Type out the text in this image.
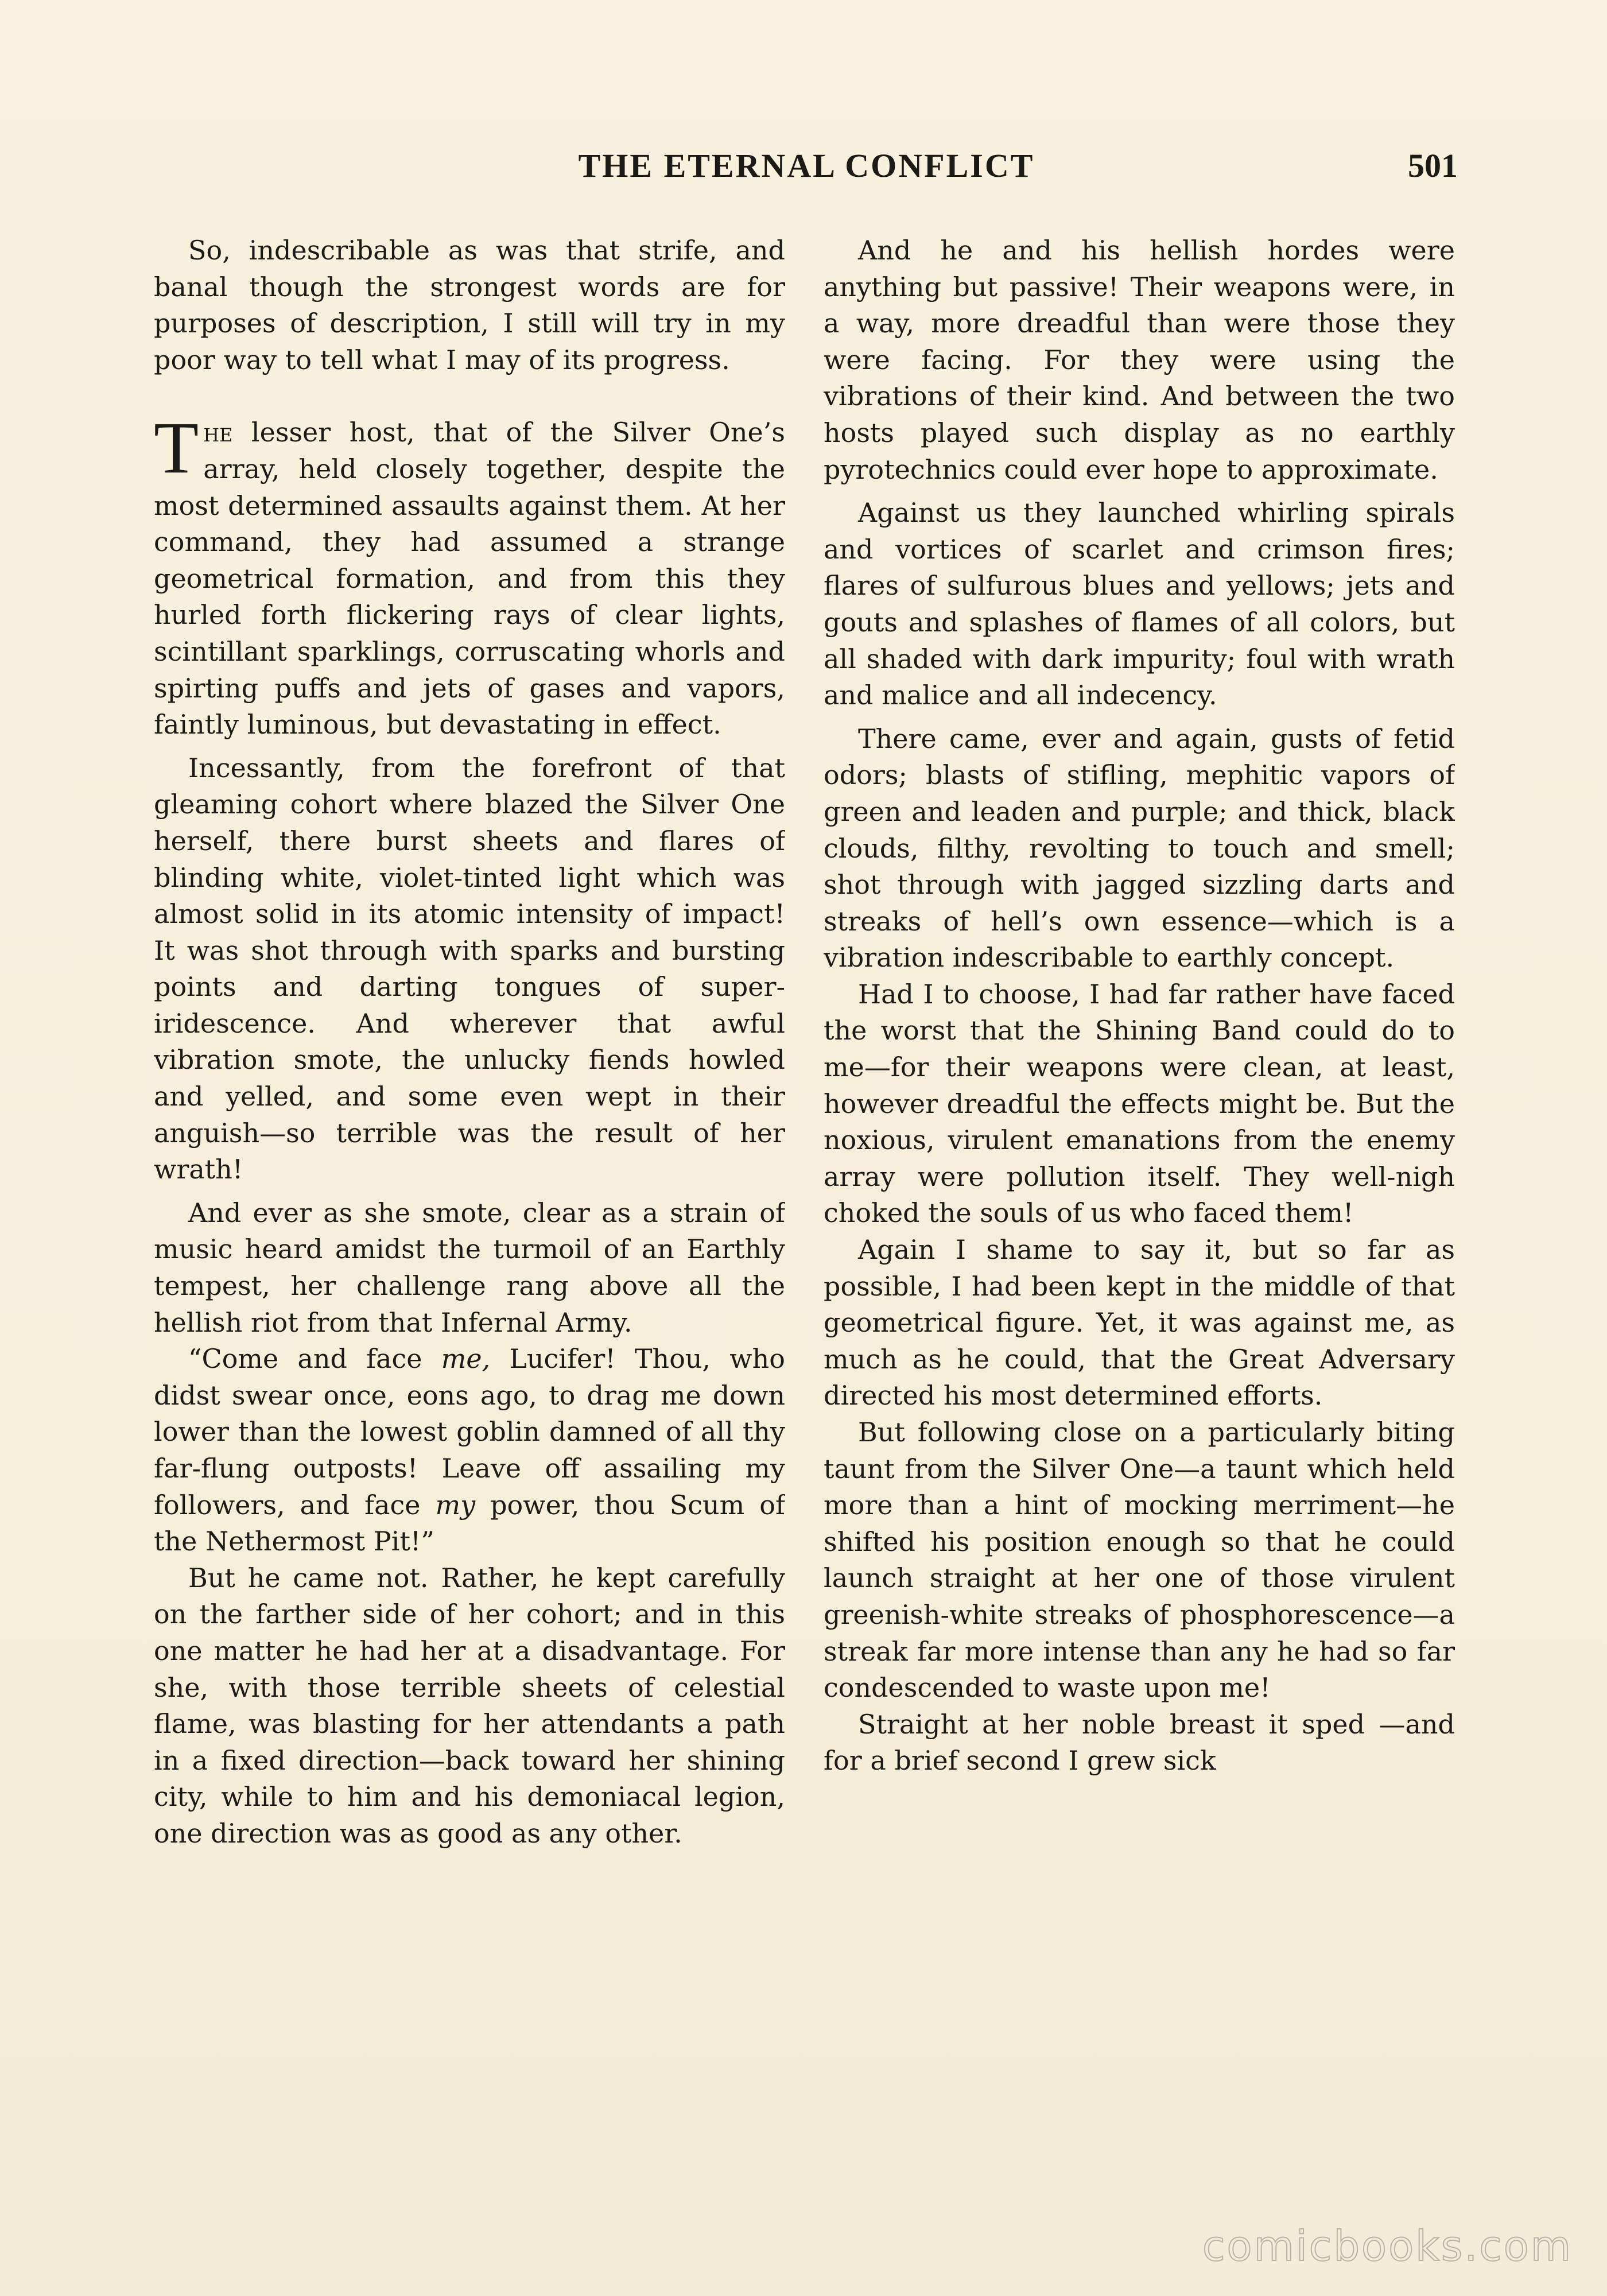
THE ETERNAL CONFLICT	501

So, indescribable as was that strife, and banal though the strongest words are for purposes of description, I still will try in my poor way to tell what I may of its progress.

The lesser host, that of the Silver One’s array, held closely together, despite the most determined assaults against them. At her command, they had assumed a strange geometrical formation, and from this they hurled forth flickering rays of clear lights, scintillant sparklings, corruscating whorls and spirting puffs and jets of gases and vapors, faintly luminous, but devastating in effect.

Incessantly, from the forefront of that gleaming cohort where blazed the Silver One herself, there burst sheets and flares of blinding white, violet-tinted light which was almost solid in its atomic intensity of impact! It was shot through with sparks and bursting points and darting tongues of super-iridescence. And wherever that awful vibration smote, the unlucky fiends howled and yelled, and some even wept in their anguish—so terrible was the result of her wrath!

And ever as she smote, clear as a strain of music heard amidst the turmoil of an Earthly tempest, her challenge rang above all the hellish riot from that Infernal Army.

“Come and face me, Lucifer! Thou, who didst swear once, eons ago, to drag me down lower than the lowest goblin damned of all thy far-flung outposts! Leave off assailing my followers, and face my power, thou Scum of the Nethermost Pit!”

But he came not. Rather, he kept carefully on the farther side of her cohort; and in this one matter he had her at a disadvantage. For she, with those terrible sheets of celestial flame, was blasting for her attendants a path in a fixed direction—back toward her shining city, while to him and his demoniacal legion, one direction was as good as any other.

And he and his hellish hordes were anything but passive! Their weapons were, in a way, more dreadful than were those they were facing. For they were using the vibrations of their kind. And between the two hosts played such display as no earthly pyrotechnics could ever hope to approximate.

Against us they launched whirling spirals and vortices of scarlet and crimson fires; flares of sulfurous blues and yellows; jets and gouts and splashes of flames of all colors, but all shaded with dark impurity; foul with wrath and malice and all indecency.

There came, ever and again, gusts of fetid odors; blasts of stifling, mephitic vapors of green and leaden and purple; and thick, black clouds, filthy, revolting to touch and smell; shot through with jagged sizzling darts and streaks of hell’s own essence—which is a vibration indescribable to earthly concept.

Had I to choose, I had far rather have faced the worst that the Shining Band could do to me—for their weapons were clean, at least, however dreadful the effects might be. But the noxious, virulent emanations from the enemy array were pollution itself. They well-nigh choked the souls of us who faced them!

Again I shame to say it, but so far as possible, I had been kept in the middle of that geometrical figure. Yet, it was against me, as much as he could, that the Great Adversary directed his most determined efforts.

But following close on a particularly biting taunt from the Silver One—a taunt which held more than a hint of mocking merriment—he shifted his position enough so that he could launch straight at her one of those virulent greenish-white streaks of phosphorescence—a streak far more intense than any he had so far condescended to waste upon me!

Straight at her noble breast it sped —and for a brief second I grew sick

comicbooks.com
